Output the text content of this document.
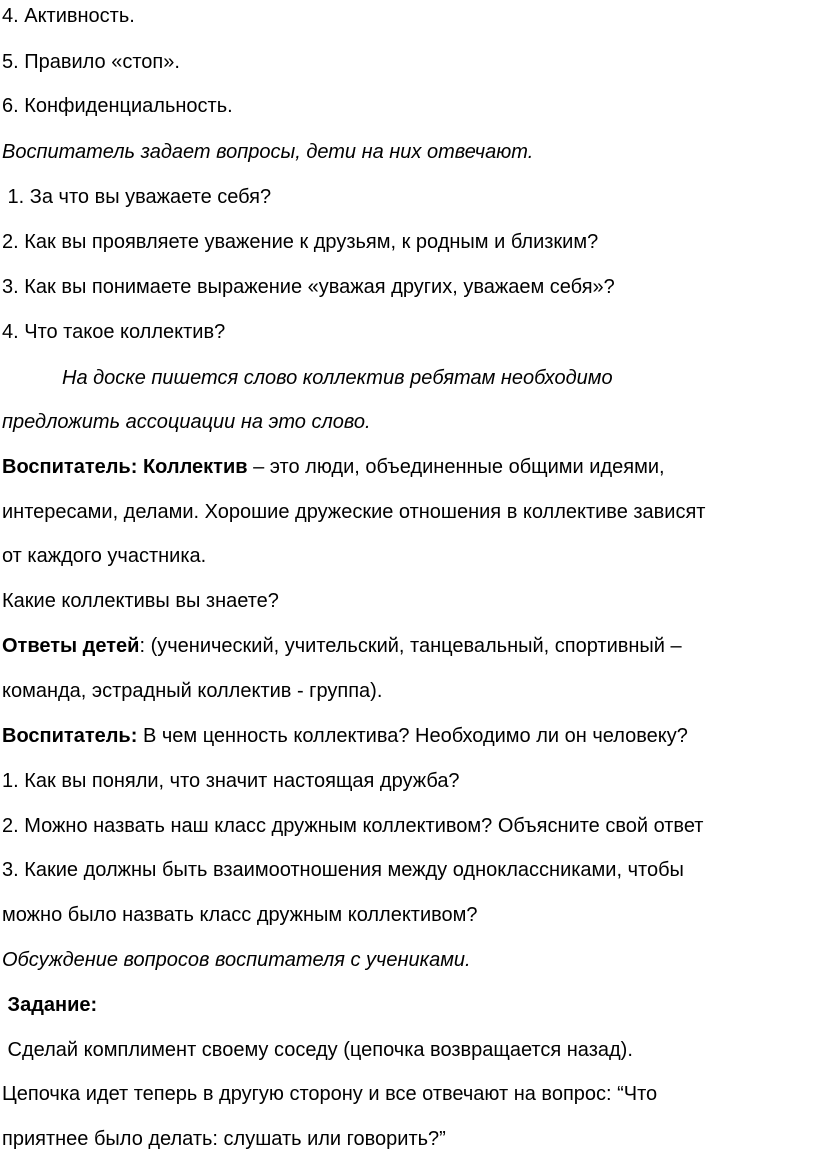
4. Активность.

5. Правило «стоп».

6. Конфиденциальность.

Воспитатель задает вопросы, дети на них отвечают.

1. За что вы уважаете себя?

2. Как вы проявляете уважение к друзьям, к родным и близким?

3. Как вы понимаете выражение «уважая других, уважаем себя»?

4. Что такое коллектив?

На доске пишется слово коллектив ребятам необходимо

предложить ассоциации на это слово.

Воспитатель: Коллектив – это люди, объединенные общими идеями,

интересами, делами. Хорошие дружеские отношения в коллективе зависят

от каждого участника.

Какие коллективы вы знаете?

Ответы детей: (ученический, учительский, танцевальный, спортивный –

команда, эстрадный коллектив - группа).

Воспитатель: В чем ценность коллектива? Необходимо ли он человеку?

1. Как вы поняли, что значит настоящая дружба?

2. Можно назвать наш класс дружным коллективом? Объясните свой ответ

3. Какие должны быть взаимоотношения между одноклассниками, чтобы

можно было назвать класс дружным коллективом?

Обсуждение вопросов воспитателя с учениками.

Задание:

Сделай комплимент своему соседу (цепочка возвращается назад).

Цепочка идет теперь в другую сторону и все отвечают на вопрос: “Что

приятнее было делать: слушать или говорить?”
